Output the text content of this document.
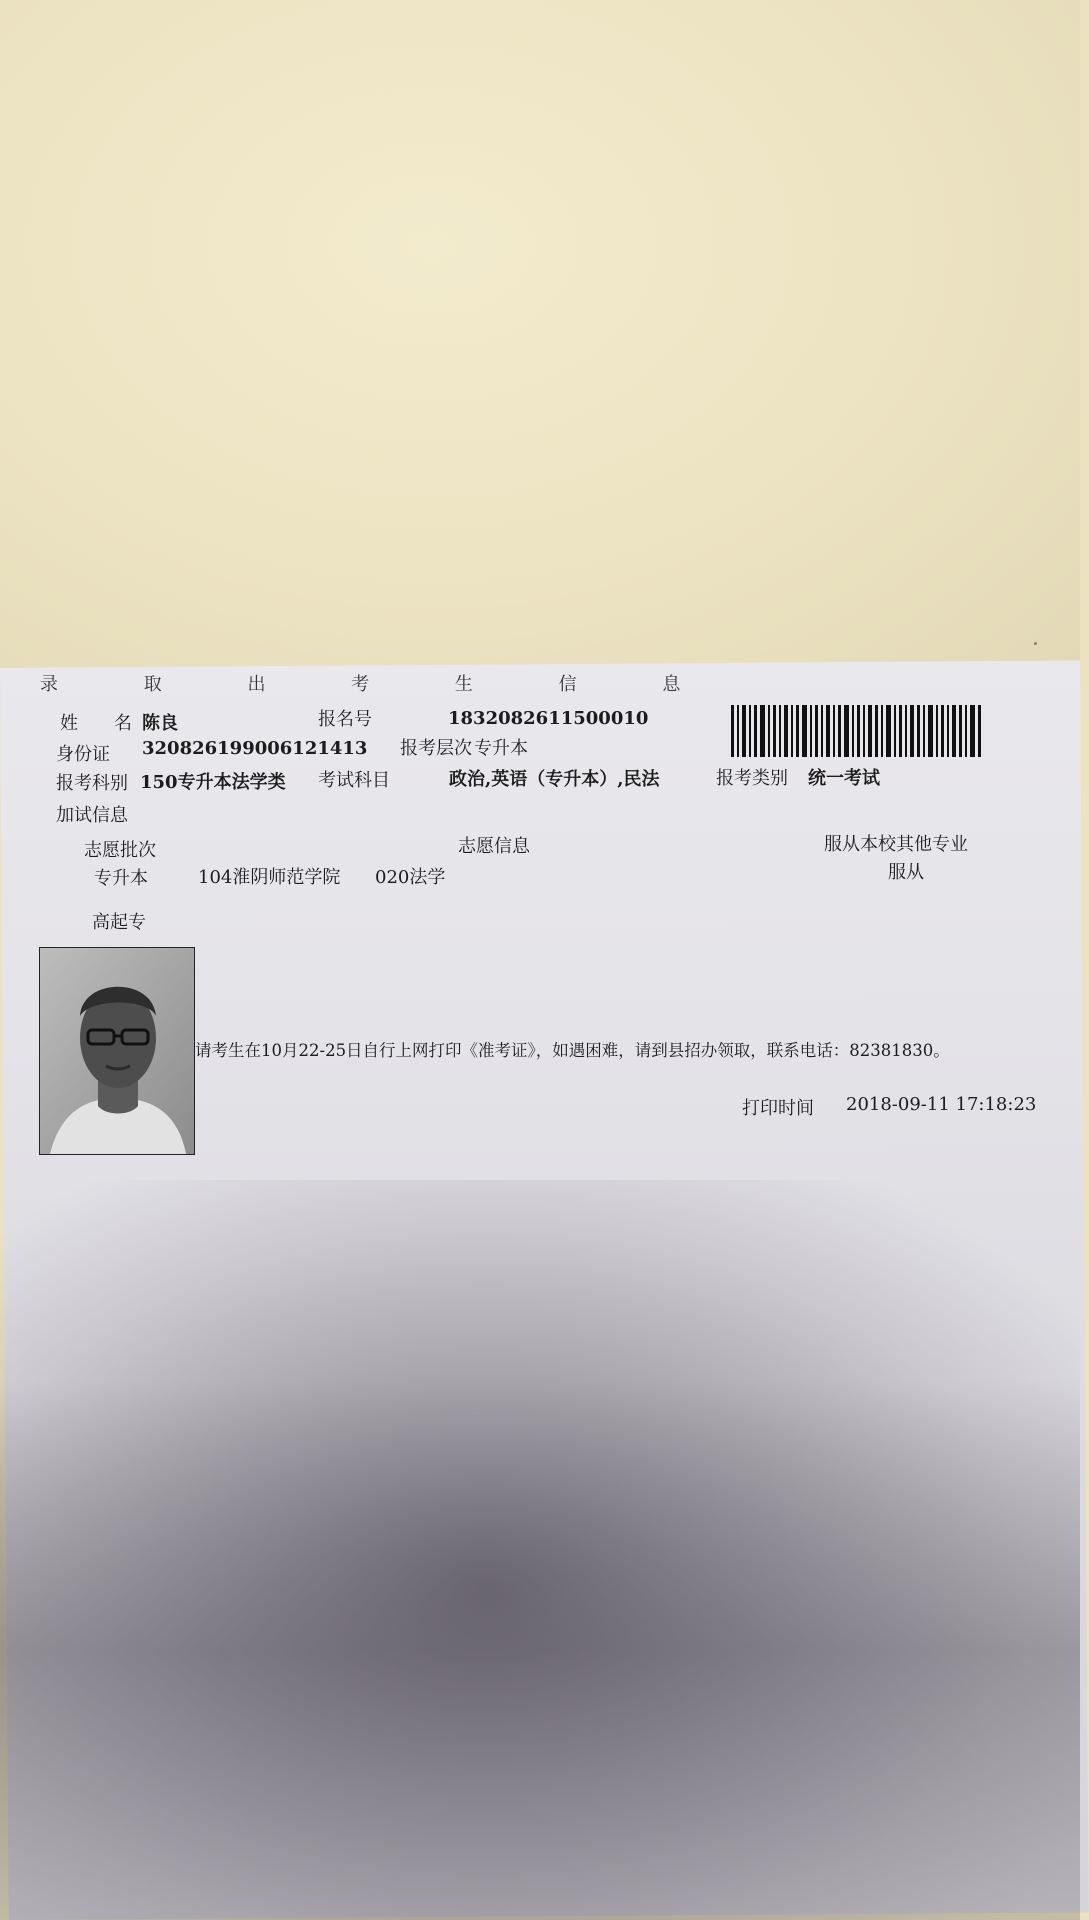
姓　　名 陈良	报名号	1832082611500010
身份证 320826199006121413 报考层次 专升本
报考科别 150专升本法学类 考试科目	政治,英语（专升本）,民法	报考类别 统一考试
加试信息
志愿批次	志愿信息	服从本校其他专业
专升本	104淮阴师范学院 020法学	服从
高起专
请考生在10月22-25日自行上网打印《准考证》，如遇困难，请到县招办领取，联系电话：82381830。
打印时间 2018-09-11 17:18:23
